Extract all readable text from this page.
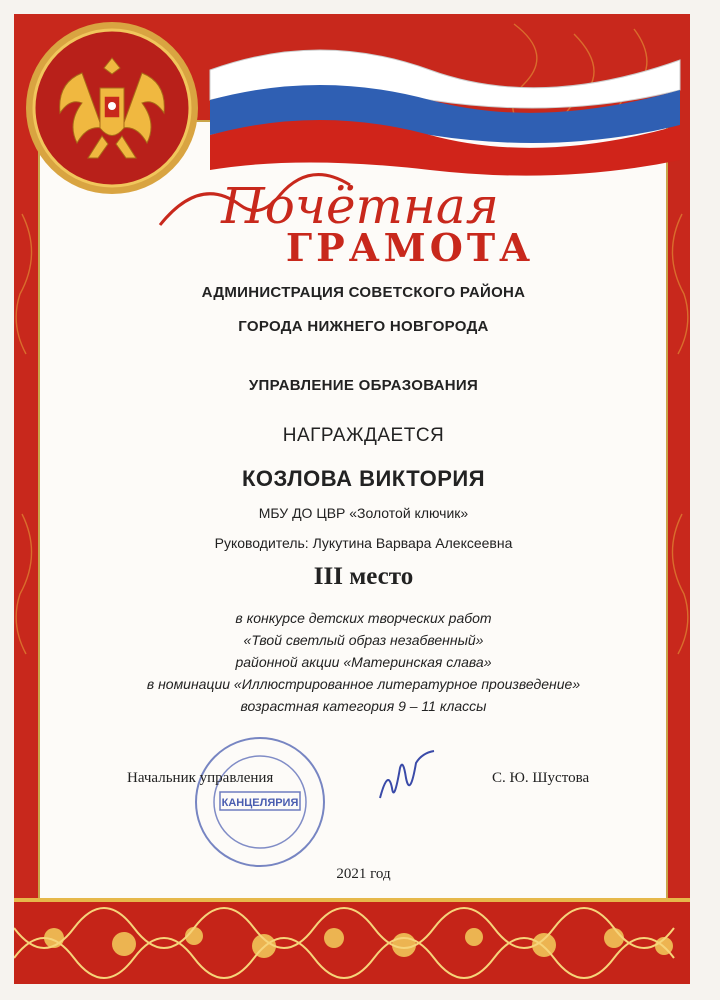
Почётная
ГРАМОТА
АДМИНИСТРАЦИЯ СОВЕТСКОГО РАЙОНА
ГОРОДА НИЖНЕГО НОВГОРОДА
УПРАВЛЕНИЕ ОБРАЗОВАНИЯ
НАГРАЖДАЕТСЯ
КОЗЛОВА ВИКТОРИЯ
МБУ ДО ЦВР «Золотой ключик»
Руководитель: Лукутина Варвара Алексеевна
III место
в конкурсе детских творческих работ
«Твой светлый образ незабвенный»
районной акции «Материнская слава»
в номинации «Иллюстрированное литературное произведение»
возрастная категория 9 – 11 классы
КАНЦЕЛЯРИЯ
Начальник управления	С. Ю. Шустова
2021 год
